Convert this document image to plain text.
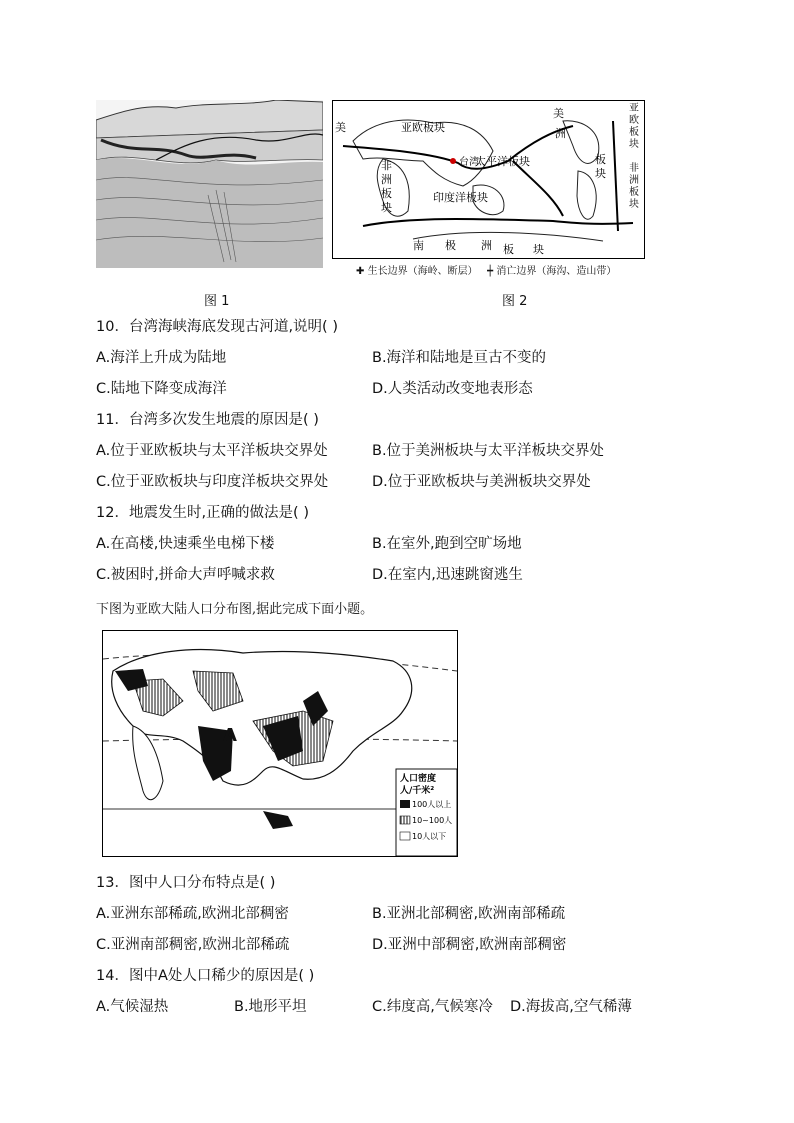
美	亚欧板块
美
洲
亚
欧
板
块
非
洲
板
块
非
洲
板
块
板
块
台湾
太平洋板块
印度洋板块
南 极 洲 板 块
✚ 生长边界（海岭、断层） ┿ 消亡边界（海沟、造山带）
图 1	图 2
10．台湾海峡海底发现古河道,说明( )
A.海洋上升成为陆地	B.海洋和陆地是亘古不变的
C.陆地下降变成海洋	D.人类活动改变地表形态
11．台湾多次发生地震的原因是( )
A.位于亚欧板块与太平洋板块交界处	B.位于美洲板块与太平洋板块交界处
C.位于亚欧板块与印度洋板块交界处	D.位于亚欧板块与美洲板块交界处
12．地震发生时,正确的做法是( )
A.在高楼,快速乘坐电梯下楼	B.在室外,跑到空旷场地
C.被困时,拼命大声呼喊求救	D.在室内,迅速跳窗逃生
下图为亚欧大陆人口分布图,据此完成下面小题。
A
人口密度
人/千米²
100人以上
10~100人
10人以下
13．图中人口分布特点是( )
A.亚洲东部稀疏,欧洲北部稠密	B.亚洲北部稠密,欧洲南部稀疏
C.亚洲南部稠密,欧洲北部稀疏	D.亚洲中部稠密,欧洲南部稠密
14．图中A处人口稀少的原因是( )
A.气候湿热	B.地形平坦	C.纬度高,气候寒冷 D.海拔高,空气稀薄
